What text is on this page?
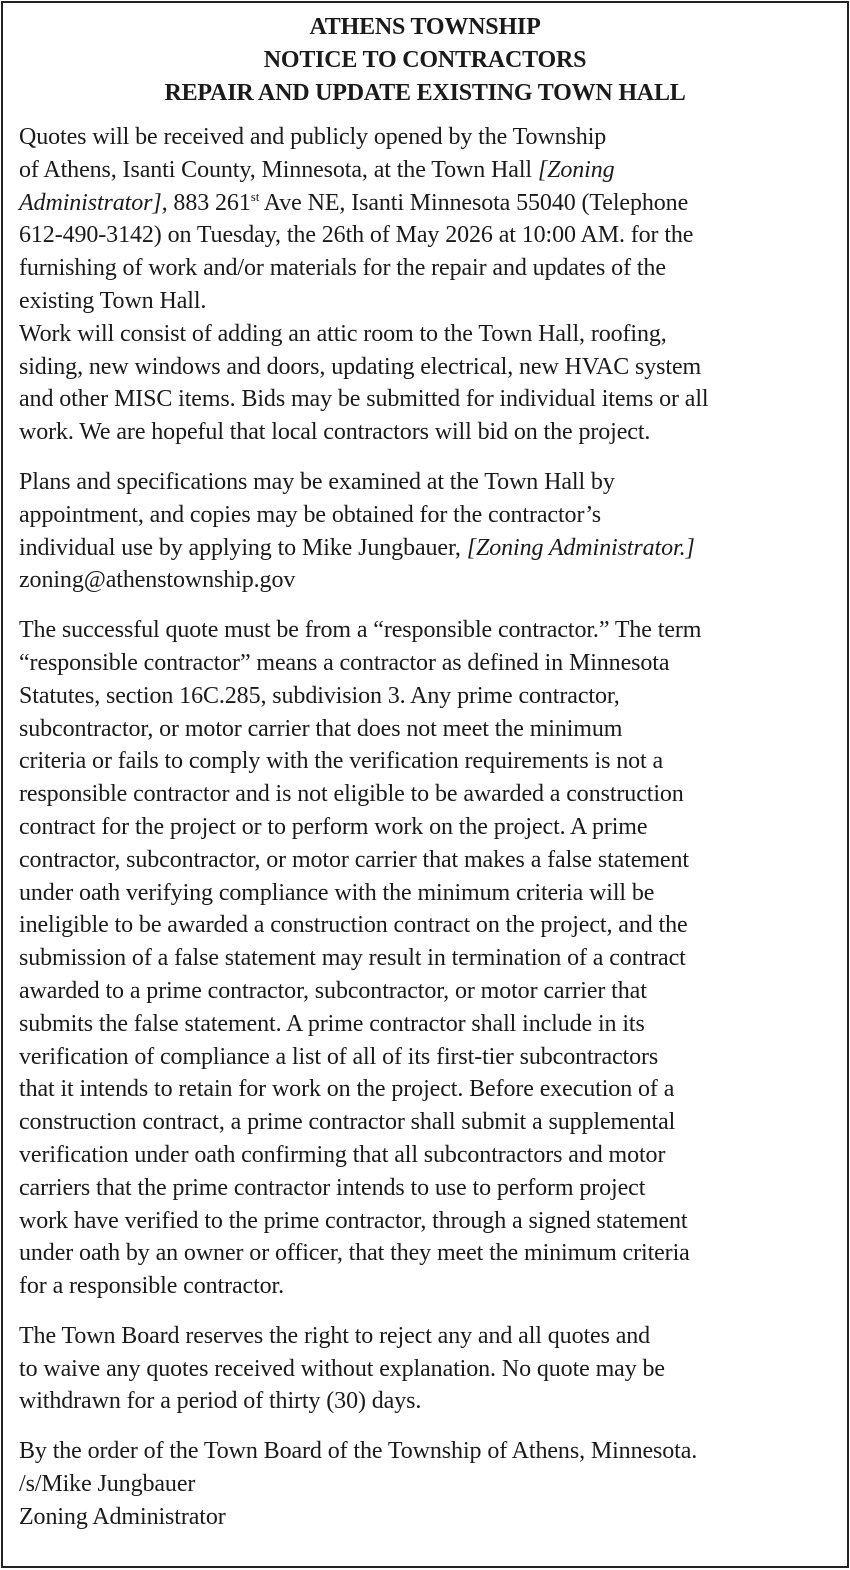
ATHENS TOWNSHIP
NOTICE TO CONTRACTORS
REPAIR AND UPDATE EXISTING TOWN HALL
Quotes will be received and publicly opened by the Township
of Athens, Isanti County, Minnesota, at the Town Hall [Zoning
Administrator], 883 261st Ave NE, Isanti Minnesota 55040 (Telephone
612-490-3142) on Tuesday, the 26th of May 2026 at 10:00 AM. for the
furnishing of work and/or materials for the repair and updates of the
existing Town Hall.
Work will consist of adding an attic room to the Town Hall, roofing,
siding, new windows and doors, updating electrical, new HVAC system
and other MISC items. Bids may be submitted for individual items or all
work. We are hopeful that local contractors will bid on the project.
Plans and specifications may be examined at the Town Hall by
appointment, and copies may be obtained for the contractor’s
individual use by applying to Mike Jungbauer, [Zoning Administrator.]
zoning@athenstownship.gov
The successful quote must be from a “responsible contractor.” The term
“responsible contractor” means a contractor as defined in Minnesota
Statutes, section 16C.285, subdivision 3. Any prime contractor,
subcontractor, or motor carrier that does not meet the minimum
criteria or fails to comply with the verification requirements is not a
responsible contractor and is not eligible to be awarded a construction
contract for the project or to perform work on the project. A prime
contractor, subcontractor, or motor carrier that makes a false statement
under oath verifying compliance with the minimum criteria will be
ineligible to be awarded a construction contract on the project, and the
submission of a false statement may result in termination of a contract
awarded to a prime contractor, subcontractor, or motor carrier that
submits the false statement. A prime contractor shall include in its
verification of compliance a list of all of its first-tier subcontractors
that it intends to retain for work on the project. Before execution of a
construction contract, a prime contractor shall submit a supplemental
verification under oath confirming that all subcontractors and motor
carriers that the prime contractor intends to use to perform project
work have verified to the prime contractor, through a signed statement
under oath by an owner or officer, that they meet the minimum criteria
for a responsible contractor.
The Town Board reserves the right to reject any and all quotes and
to waive any quotes received without explanation. No quote may be
withdrawn for a period of thirty (30) days.
By the order of the Town Board of the Township of Athens, Minnesota.
/s/Mike Jungbauer
Zoning Administrator
